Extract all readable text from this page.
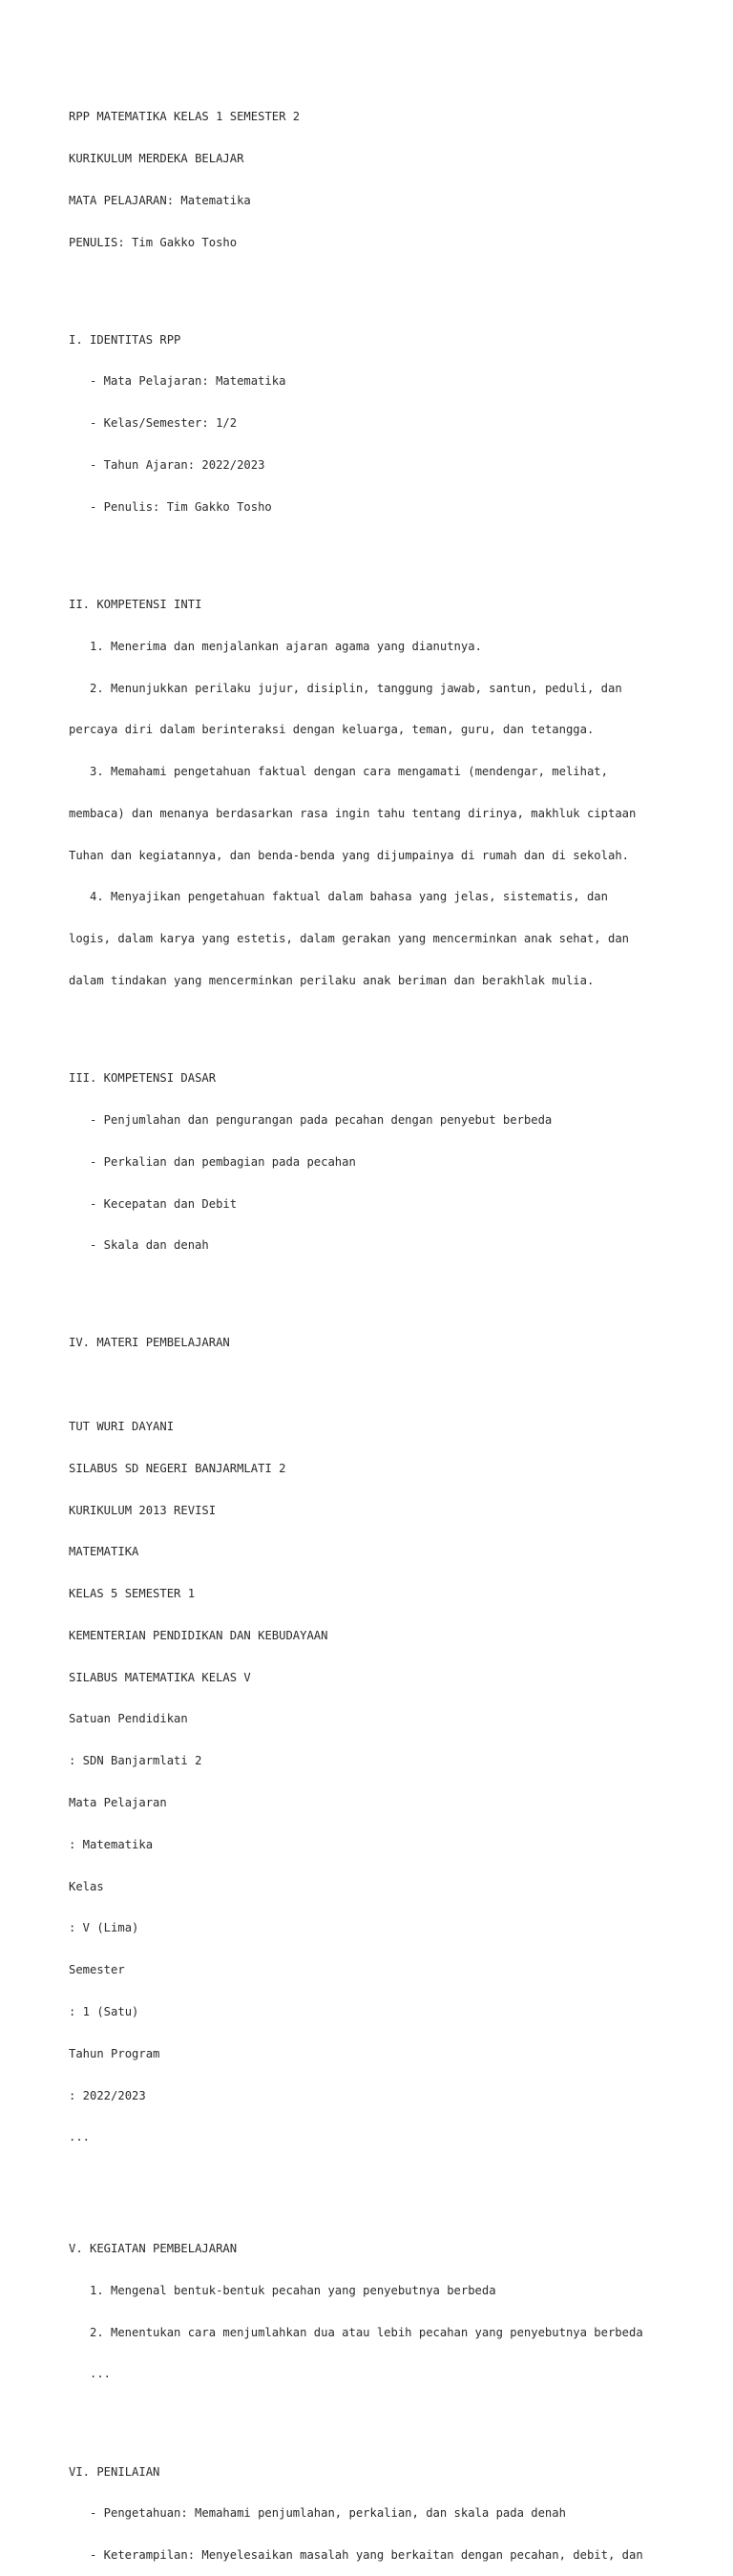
RPP MATEMATIKA KELAS 1 SEMESTER 2

KURIKULUM MERDEKA BELAJAR

MATA PELAJARAN: Matematika

PENULIS: Tim Gakko Tosho

I. IDENTITAS RPP

- Mata Pelajaran: Matematika

- Kelas/Semester: 1/2

- Tahun Ajaran: 2022/2023

- Penulis: Tim Gakko Tosho

II. KOMPETENSI INTI

1. Menerima dan menjalankan ajaran agama yang dianutnya.

2. Menunjukkan perilaku jujur, disiplin, tanggung jawab, santun, peduli, dan

percaya diri dalam berinteraksi dengan keluarga, teman, guru, dan tetangga.

3. Memahami pengetahuan faktual dengan cara mengamati (mendengar, melihat,

membaca) dan menanya berdasarkan rasa ingin tahu tentang dirinya, makhluk ciptaan

Tuhan dan kegiatannya, dan benda-benda yang dijumpainya di rumah dan di sekolah.

4. Menyajikan pengetahuan faktual dalam bahasa yang jelas, sistematis, dan

logis, dalam karya yang estetis, dalam gerakan yang mencerminkan anak sehat, dan

dalam tindakan yang mencerminkan perilaku anak beriman dan berakhlak mulia.

III. KOMPETENSI DASAR

- Penjumlahan dan pengurangan pada pecahan dengan penyebut berbeda

- Perkalian dan pembagian pada pecahan

- Kecepatan dan Debit

- Skala dan denah

IV. MATERI PEMBELAJARAN

TUT WURI DAYANI

SILABUS SD NEGERI BANJARMLATI 2

KURIKULUM 2013 REVISI

MATEMATIKA

KELAS 5 SEMESTER 1

KEMENTERIAN PENDIDIKAN DAN KEBUDAYAAN

SILABUS MATEMATIKA KELAS V

Satuan Pendidikan

: SDN Banjarmlati 2

Mata Pelajaran

: Matematika

Kelas

: V (Lima)

Semester

: 1 (Satu)

Tahun Program

: 2022/2023

...

V. KEGIATAN PEMBELAJARAN

1. Mengenal bentuk-bentuk pecahan yang penyebutnya berbeda

2. Menentukan cara menjumlahkan dua atau lebih pecahan yang penyebutnya berbeda

...

VI. PENILAIAN

- Pengetahuan: Memahami penjumlahan, perkalian, dan skala pada denah

- Keterampilan: Menyelesaikan masalah yang berkaitan dengan pecahan, debit, dan
